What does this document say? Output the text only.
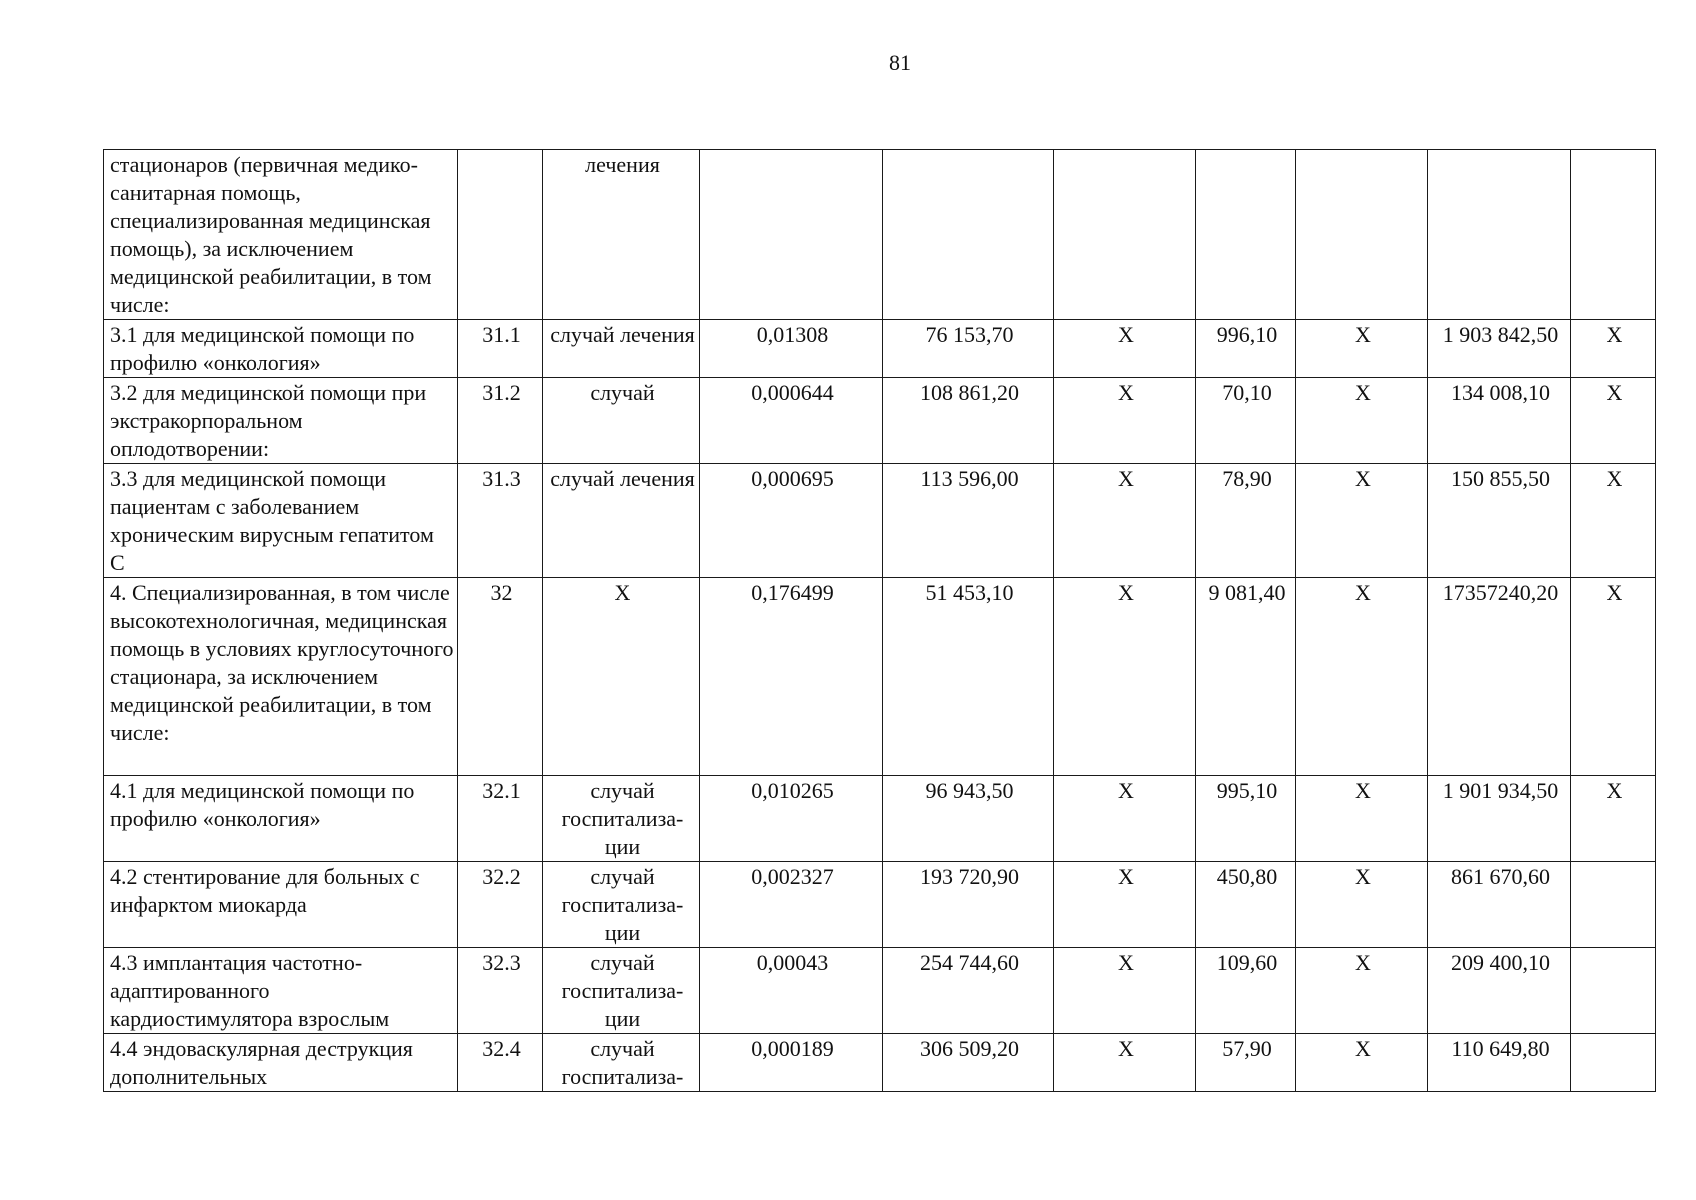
81
стационаров (первичная медико-санитарная помощь, специализированная медицинская помощь), за исключением медицинской реабилитации, в том числе:		лечения							
3.1 для медицинской помощи по профилю «онкология»	31.1	случай лечения	0,01308	76 153,70	Х	996,10	Х	1 903 842,50	Х
3.2 для медицинской помощи при экстракорпоральном оплодотворении:	31.2	случай	0,000644	108 861,20	Х	70,10	Х	134 008,10	Х
3.3 для медицинской помощи пациентам с заболеванием хроническим вирусным гепатитом С	31.3	случай лечения	0,000695	113 596,00	Х	78,90	Х	150 855,50	Х
4. Специализированная, в том числе высокотехнологичная, медицинская помощь в условиях круглосуточного стационара, за исключением медицинской реабилитации, в том числе:	32	Х	0,176499	51 453,10	Х	9 081,40	Х	17357240,20	Х
4.1 для медицинской помощи по профилю «онкология»	32.1	случай госпитализа-ции	0,010265	96 943,50	Х	995,10	Х	1 901 934,50	Х
4.2 стентирование для больных с инфарктом миокарда	32.2	случай госпитализа-ции	0,002327	193 720,90	Х	450,80	Х	861 670,60	
4.3 имплантация частотно-адаптированного кардиостимулятора взрослым	32.3	случай госпитализа-ции	0,00043	254 744,60	Х	109,60	Х	209 400,10	
4.4 эндоваскулярная деструкция дополнительных	32.4	случай госпитализа-	0,000189	306 509,20	Х	57,90	Х	110 649,80	
